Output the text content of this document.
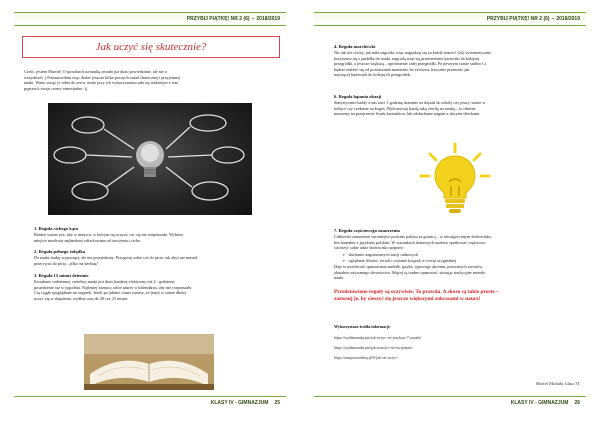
PRZYBIJ PIĄTKĘ! NR 2 (6) – 2018/2019
Jak uczyć się skutecznie?
Cześć, jestem Marcin! O sposobach na naukę zostało już dużo powiedziane, ale nie o
wszystkich :) Postanowiłam więc dodać jeszcze kilka prostych zasad skutecznej i przyjemnej
nauki. Warto wziąć je sobie do serca, może przy ich wykorzystaniu uda się niektórym z was
poprawić swoje oceny semestralne :))
1. Reguła cichego kąta
Bardzo ważne jest, aby w miejscu, w którym się uczysz, nic cię nie rozpraszało. Wybierz
miejsce możliwie najbardziej odizolowane od otoczenia i ciche.
2. Reguła pełnego żołądka
Do nauki siadaj wypoczęty, ale nie przejedzony. Przygotuj sobie coś do picia, tak abyś nie musiał
przerywać do picia, „tylko na herbatę”.
3. Reguła 15 minut dziennie
Kwadrans codziennej, rzetelnej nauki jest dużo bardziej efektywny niż 2 - godzinne
posiedzenie raz w tygodniu. Najlepiej zaznacz sobie zakres w kalendarzu, aby nie rozpraszało
Cię ciągłe spoglądanie na zegarek. Jeżeli po jakimś czasie uznasz, że jesteś w stanie dłużej
uczyć się w skupieniu, wydłuż czas do 20 czy 25 minut.
KLASY IV - GIMNAZJUM 25
PRZYBIJ PIĄTKĘ! NR 2 (6) – 2018/2019
4. Reguła marchewki
Nic tak nie cieszy, jak miła nagroda, więc nagradzaj się za każdy sukces! Gdy systematycznie
korzystasz się z pudełka do nauki, nagrodą staje się przeniesienie karteczki do kolejnej
przegródki, a jeszcze większą – opróżnienie całej przegródki. Po pewnym czasie sradeo Ci
będzie zależeć się od powtarzania materiału, bo zechcesz fizycznie przenosić jak
najwięcej karteczek do kolejnych przegródek.
6. Reguła łapania okazji
Statystycznie każdy z nas traci 1 godzinę dziennie na dojazd do szkoły czy pracy, stanie w
kolejce czy czekanie na kogoś. Wykorzystaj każdą taką chwilę na naukę – to idealne
momenty na przejrzenie fiszek kartonikow lub odsłuchanie nagrań z obcymi słówkami.
7. Reguła częściowego zanurzenia
Całkowite zanurzenie ma miejsce podczas pobytu za granicą – w obcojęzycznym środowisku,
bez kontaktu z językiem polskim. W warunkach domowych możesz spróbować częściowo
stworzyć sobie takie środowisko poprzez:
➢ słuchanie zagranicznych stacji radiowych
➢ oglądanie filmów, seriali i czytanie książek w wersji oryginalnej
Daje to możliwość opanowania melodii języka, typowego akcentu, potocznych zwrotów,
aktualnie używanego słownictwa. Więcej tą trudno opanować, stosując tradycyjne metody
nauki.
Przedstawione reguły są oczywiste. To prawda. A skoro są takie proste –
zastosuj je, by cieszyć się jeszcze większymi sukcesami w nauce!
Wykorzystane źródła informacji:
https://szybkanauka.pro/jak-uczyc-sie-jezykow-7-zasady/
https://szybkanauka.pro/jak-nauczyc-sie-na-pamiec/
https://uniqueacademy.pl/8-jak-sie-uczyc/
Marcel Michała, klasa 3T
KLASY IV - GIMNAZJUM 26
